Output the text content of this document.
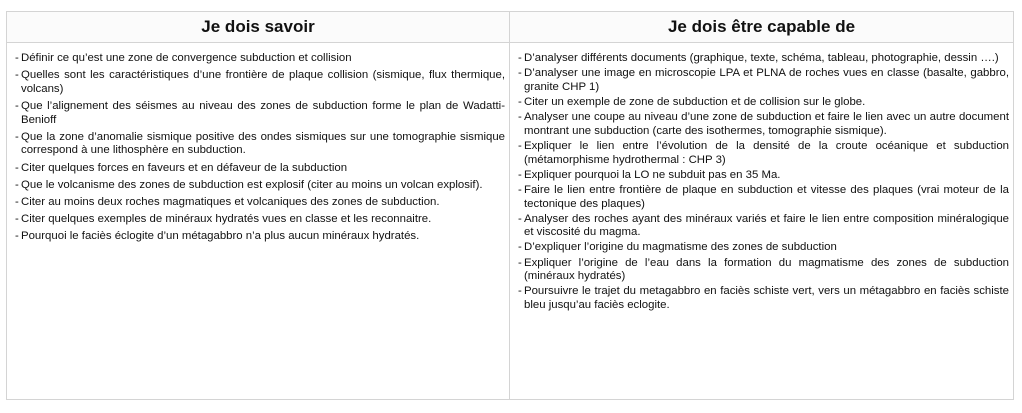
Je dois savoir	Je dois être capable de
- Définir ce qu’est une zone de convergence subduction et collision
- Quelles sont les caractéristiques d’une frontière de plaque collision (sismique, flux thermique, volcans)
- Que l’alignement des séismes au niveau des zones de subduction forme le plan de Wadatti-Benioff
- Que la zone d’anomalie sismique positive des ondes sismiques sur une tomographie sismique correspond à une lithosphère en subduction.
- Citer quelques forces en faveurs et en défaveur de la subduction
- Que le volcanisme des zones de subduction est explosif (citer au moins un volcan explosif).
- Citer au moins deux roches magmatiques et volcaniques des zones de subduction.
- Citer quelques exemples de minéraux hydratés vues en classe et les reconnaitre.
- Pourquoi le faciès éclogite d’un métagabbro n’a plus aucun minéraux hydratés.
- D’analyser différents documents (graphique, texte, schéma, tableau, photographie, dessin ….)
- D’analyser une image en microscopie LPA et PLNA de roches vues en classe (basalte, gabbro, granite CHP 1)
- Citer un exemple de zone de subduction et de collision sur le globe.
- Analyser une coupe au niveau d’une zone de subduction et faire le lien avec un autre document montrant une subduction (carte des isothermes, tomographie sismique).
- Expliquer le lien entre l’évolution de la densité de la croute océanique et subduction (métamorphisme hydrothermal : CHP 3)
- Expliquer pourquoi la LO ne subduit pas en 35 Ma.
- Faire le lien entre frontière de plaque en subduction et vitesse des plaques (vrai moteur de la tectonique des plaques)
- Analyser des roches ayant des minéraux variés et faire le lien entre composition minéralogique et viscosité du magma.
- D’expliquer l’origine du magmatisme des zones de subduction
- Expliquer l’origine de l’eau dans la formation du magmatisme des zones de subduction (minéraux hydratés)
- Poursuivre le trajet du metagabbro en faciès schiste vert, vers un métagabbro en faciès schiste bleu jusqu’au faciès eclogite.
